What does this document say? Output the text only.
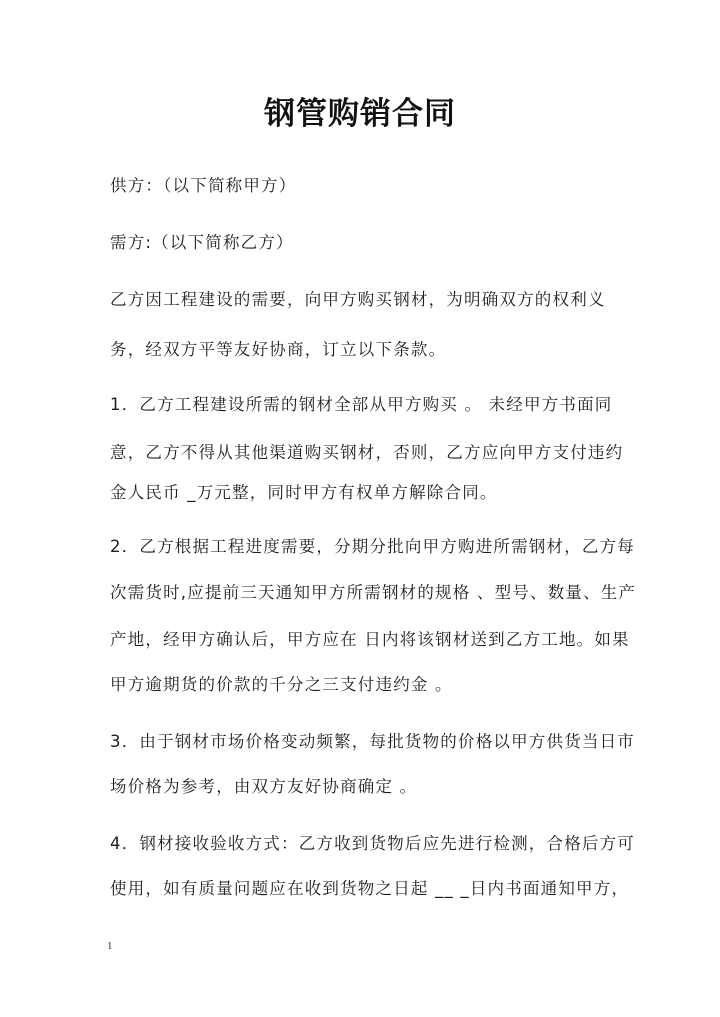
钢管购销合同
供方：（以下简称甲方）
需方:（以下简称乙方）
乙方因工程建设的需要，向甲方购买钢材，为明确双方的权利义
务，经双方平等友好协商，订立以下条款。
1．乙方工程建设所需的钢材全部从甲方购买 。 未经甲方书面同
意，乙方不得从其他渠道购买钢材，否则，乙方应向甲方支付违约
金人民币 _万元整，同时甲方有权单方解除合同。
2．乙方根据工程进度需要，分期分批向甲方购进所需钢材，乙方每
次需货时,应提前三天通知甲方所需钢材的规格 、型号、数量、生产
产地，经甲方确认后，甲方应在 日内将该钢材送到乙方工地。如果
甲方逾期货的价款的千分之三支付违约金 。
3．由于钢材市场价格变动频繁，每批货物的价格以甲方供货当日市
场价格为参考，由双方友好协商确定 。
4．钢材接收验收方式：乙方收到货物后应先进行检测，合格后方可
使用，如有质量问题应在收到货物之日起 __ _日内书面通知甲方，
1
